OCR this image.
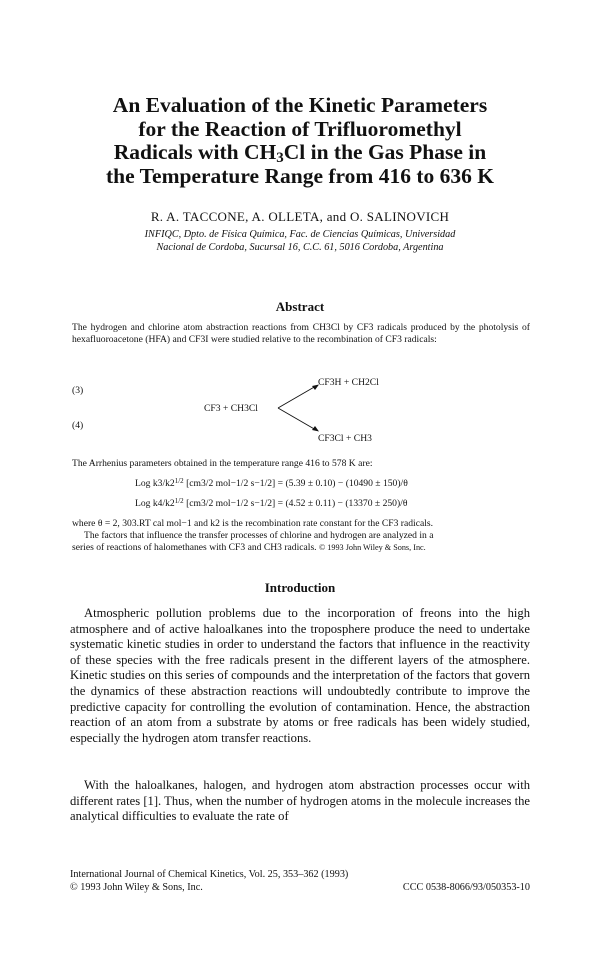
An Evaluation of the Kinetic Parameters
for the Reaction of Trifluoromethyl
Radicals with $CH_3Cl$ in the Gas Phase in
the Temperature Range from 416 to 636 K
R. A. TACCONE, A. OLLETA, and O. SALINOVICH
INFIQC, Dpto. de Física Química, Fac. de Ciencias Químicas, Universidad
Nacional de Cordoba, Sucursal 16, C.C. 61, 5016 Cordoba, Argentina
Abstract
The hydrogen and chlorine atom abstraction reactions from CH3Cl by CF3 radicals produced by the photolysis of hexafluoroacetone (HFA) and CF3I were studied relative to the recombination of CF3 radicals:
(3)
(4)
CF3 + CH3Cl
CF3H + CH2Cl
CF3Cl + CH3
The Arrhenius parameters obtained in the temperature range 416 to 578 K are:
Log $k3/k2^{1/2}$ [cm3/2 mol−1/2 s−1/2] = (5.39 ± 0.10) − (10490 ± 150)/θ
Log $k4/k2^{1/2}$ [cm3/2 mol−1/2 s−1/2] = (4.52 ± 0.11) − (13370 ± 250)/θ
where θ = 2, 303.RT cal mol−1 and k2 is the recombination rate constant for the CF3 radicals.
The factors that influence the transfer processes of chlorine and hydrogen are analyzed in a
series of reactions of halomethanes with CF3 and CH3 radicals. © 1993 John Wiley & Sons, Inc.
Introduction
Atmospheric pollution problems due to the incorporation of freons into the high atmosphere and of active haloalkanes into the troposphere produce the need to undertake systematic kinetic studies in order to understand the factors that influence in the reactivity of these species with the free radicals present in the different layers of the atmosphere. Kinetic studies on this series of compounds and the interpretation of the factors that govern the dynamics of these abstraction reactions will undoubtedly contribute to improve the predictive capacity for controlling the evolution of contamination. Hence, the abstraction reaction of an atom from a substrate by atoms or free radicals has been widely studied, especially the hydrogen atom transfer reactions.
With the haloalkanes, halogen, and hydrogen atom abstraction processes occur with different rates [1]. Thus, when the number of hydrogen atoms in the molecule increases the analytical difficulties to evaluate the rate of
International Journal of Chemical Kinetics, Vol. 25, 353–362 (1993)
© 1993 John Wiley & Sons, Inc.	CCC 0538-8066/93/050353-10
